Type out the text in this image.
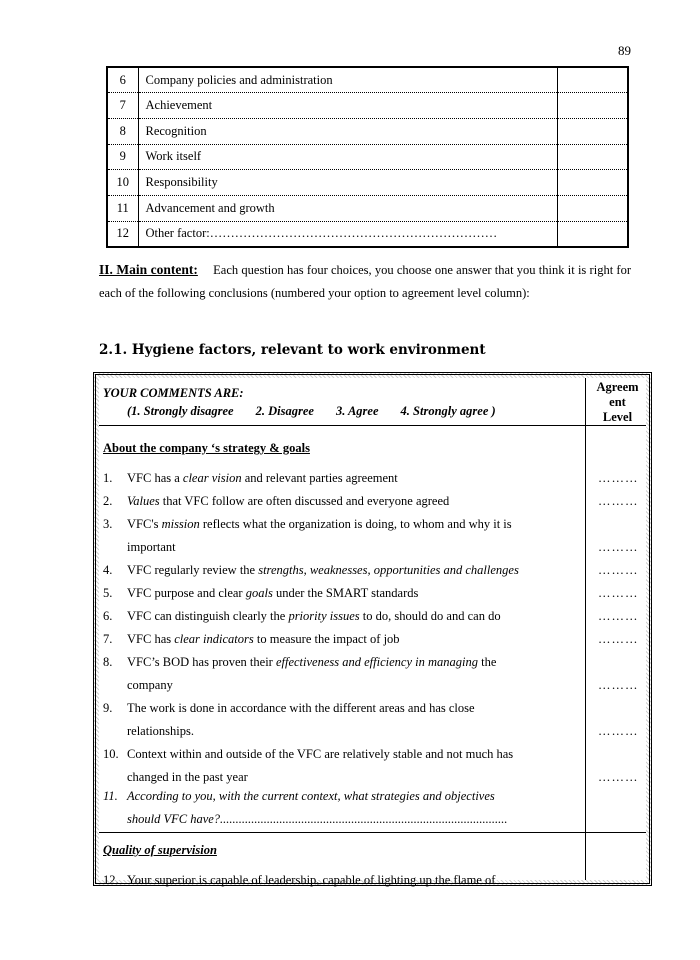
89
6	Company policies and administration	
7	Achievement	
8	Recognition	
9	Work itself	
10	Responsibility	
11	Advancement and growth	
12	Other factor:……………………………………………………………	
II. Main content: Each question has four choices, you choose one answer that you think it is right for each of the following conclusions (numbered your option to agreement level column):
2.1. Hygiene factors, relevant to work environment
YOUR COMMENTS ARE:
(1. Strongly disagree 2. Disagree 3. Agree 4. Strongly agree )
Agreem
ent
Level
About the company ‘s strategy & goals
1. VFC has a clear vision and relevant parties agreement	………
2. Values that VFC follow are often discussed and everyone agreed	………
3. VFC's mission reflects what the organization is doing, to whom and why it is
important	………
4. VFC regularly review the strengths, weaknesses, opportunities and challenges	………
5. VFC purpose and clear goals under the SMART standards	………
6. VFC can distinguish clearly the priority issues to do, should do and can do	………
7. VFC has clear indicators to measure the impact of job	………
8. VFC’s BOD has proven their effectiveness and efficiency in managing the
company	………
9. The work is done in accordance with the different areas and has close
relationships.	………
10. Context within and outside of the VFC are relatively stable and not much has
changed in the past year	………
11. According to you, with the current context, what strategies and objectives
should VFC have?............................................................................................
Quality of supervision
12. Your superior is capable of leadership, capable of lighting up the flame of
